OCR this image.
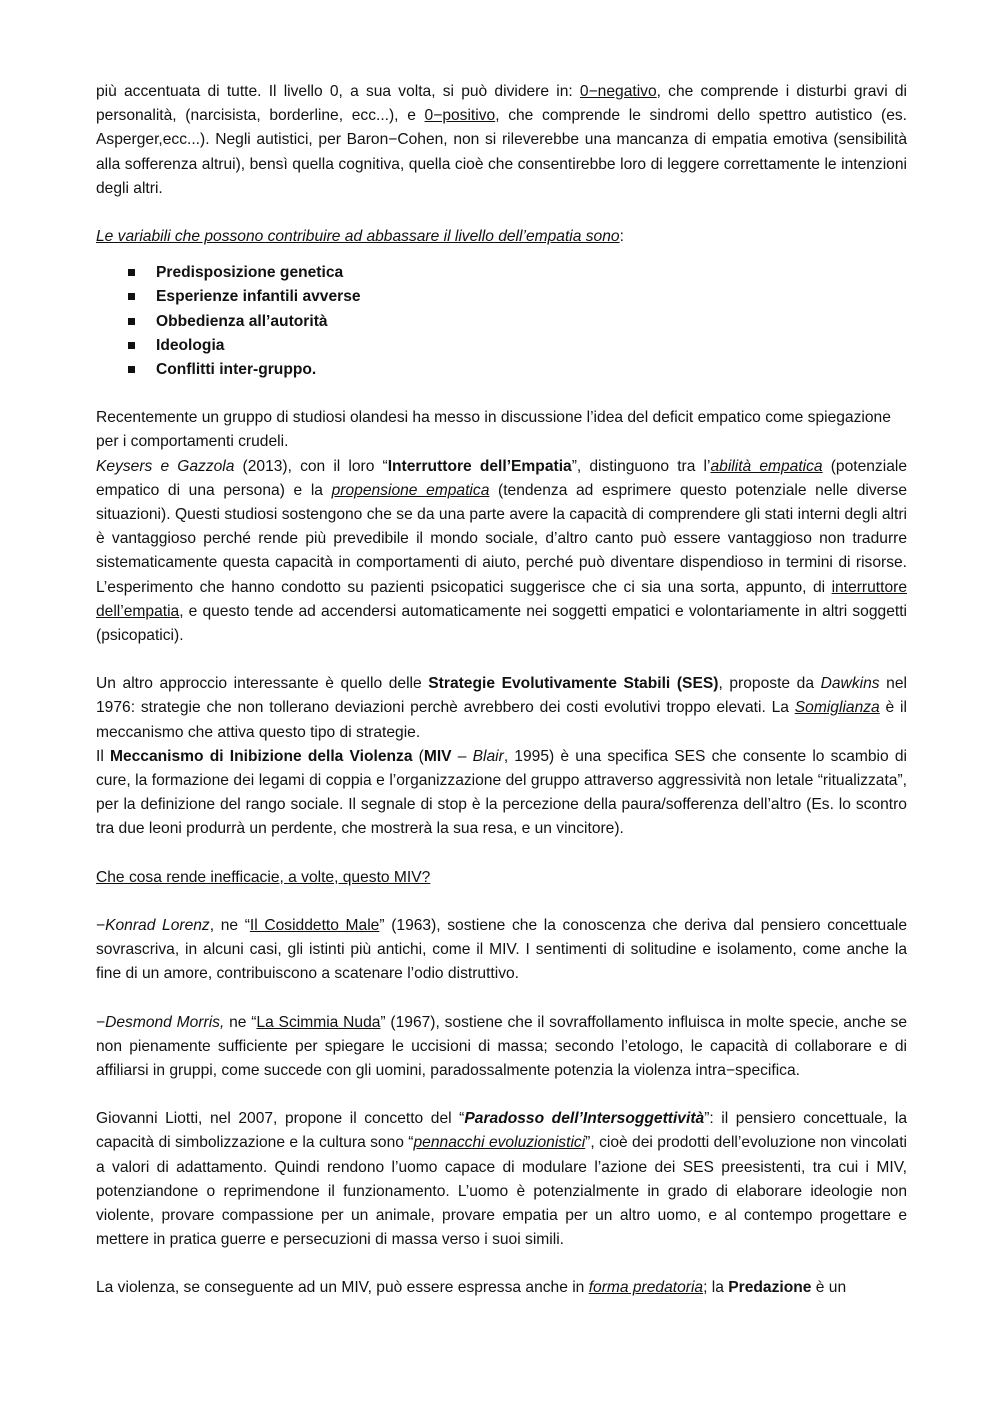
più accentuata di tutte. Il livello 0, a sua volta, si può dividere in: 0−negativo, che comprende i disturbi gravi di personalità, (narcisista, borderline, ecc...), e 0−positivo, che comprende le sindromi dello spettro autistico (es. Asperger,ecc...). Negli autistici, per Baron−Cohen, non si rileverebbe una mancanza di empatia emotiva (sensibilità alla sofferenza altrui), bensì quella cognitiva, quella cioè che consentirebbe loro di leggere correttamente le intenzioni degli altri.

Le variabili che possono contribuire ad abbassare il livello dell’empatia sono:

Predisposizione genetica
Esperienze infantili avverse
Obbedienza all’autorità
Ideologia
Conflitti inter-gruppo.

Recentemente un gruppo di studiosi olandesi ha messo in discussione l’idea del deficit empatico come spiegazione per i comportamenti crudeli.

Keysers e Gazzola (2013), con il loro “Interruttore dell’Empatia”, distinguono tra l’abilità empatica (potenziale empatico di una persona) e la propensione empatica (tendenza ad esprimere questo potenziale nelle diverse situazioni). Questi studiosi sostengono che se da una parte avere la capacità di comprendere gli stati interni degli altri è vantaggioso perché rende più prevedibile il mondo sociale, d’altro canto può essere vantaggioso non tradurre sistematicamente questa capacità in comportamenti di aiuto, perché può diventare dispendioso in termini di risorse. L’esperimento che hanno condotto su pazienti psicopatici suggerisce che ci sia una sorta, appunto, di interruttore dell’empatia, e questo tende ad accendersi automaticamente nei soggetti empatici e volontariamente in altri soggetti (psicopatici).

Un altro approccio interessante è quello delle Strategie Evolutivamente Stabili (SES), proposte da Dawkins nel 1976: strategie che non tollerano deviazioni perchè avrebbero dei costi evolutivi troppo elevati. La Somiglianza è il meccanismo che attiva questo tipo di strategie.

Il Meccanismo di Inibizione della Violenza (MIV – Blair, 1995) è una specifica SES che consente lo scambio di cure, la formazione dei legami di coppia e l’organizzazione del gruppo attraverso aggressività non letale “ritualizzata”, per la definizione del rango sociale. Il segnale di stop è la percezione della paura/sofferenza dell’altro (Es. lo scontro tra due leoni produrrà un perdente, che mostrerà la sua resa, e un vincitore).

Che cosa rende inefficacie, a volte, questo MIV?

−Konrad Lorenz, ne “Il Cosiddetto Male” (1963), sostiene che la conoscenza che deriva dal pensiero concettuale sovrascriva, in alcuni casi, gli istinti più antichi, come il MIV. I sentimenti di solitudine e isolamento, come anche la fine di un amore, contribuiscono a scatenare l’odio distruttivo.

−Desmond Morris, ne “La Scimmia Nuda” (1967), sostiene che il sovraffollamento influisca in molte specie, anche se non pienamente sufficiente per spiegare le uccisioni di massa; secondo l’etologo, le capacità di collaborare e di affiliarsi in gruppi, come succede con gli uomini, paradossalmente potenzia la violenza intra−specifica.

Giovanni Liotti, nel 2007, propone il concetto del “Paradosso dell’Intersoggettività”: il pensiero concettuale, la capacità di simbolizzazione e la cultura sono “pennacchi evoluzionistici”, cioè dei prodotti dell’evoluzione non vincolati a valori di adattamento. Quindi rendono l’uomo capace di modulare l’azione dei SES preesistenti, tra cui i MIV, potenziandone o reprimendone il funzionamento. L’uomo è potenzialmente in grado di elaborare ideologie non violente, provare compassione per un animale, provare empatia per un altro uomo, e al contempo progettare e mettere in pratica guerre e persecuzioni di massa verso i suoi simili.

La violenza, se conseguente ad un MIV, può essere espressa anche in forma predatoria; la Predazione è un
